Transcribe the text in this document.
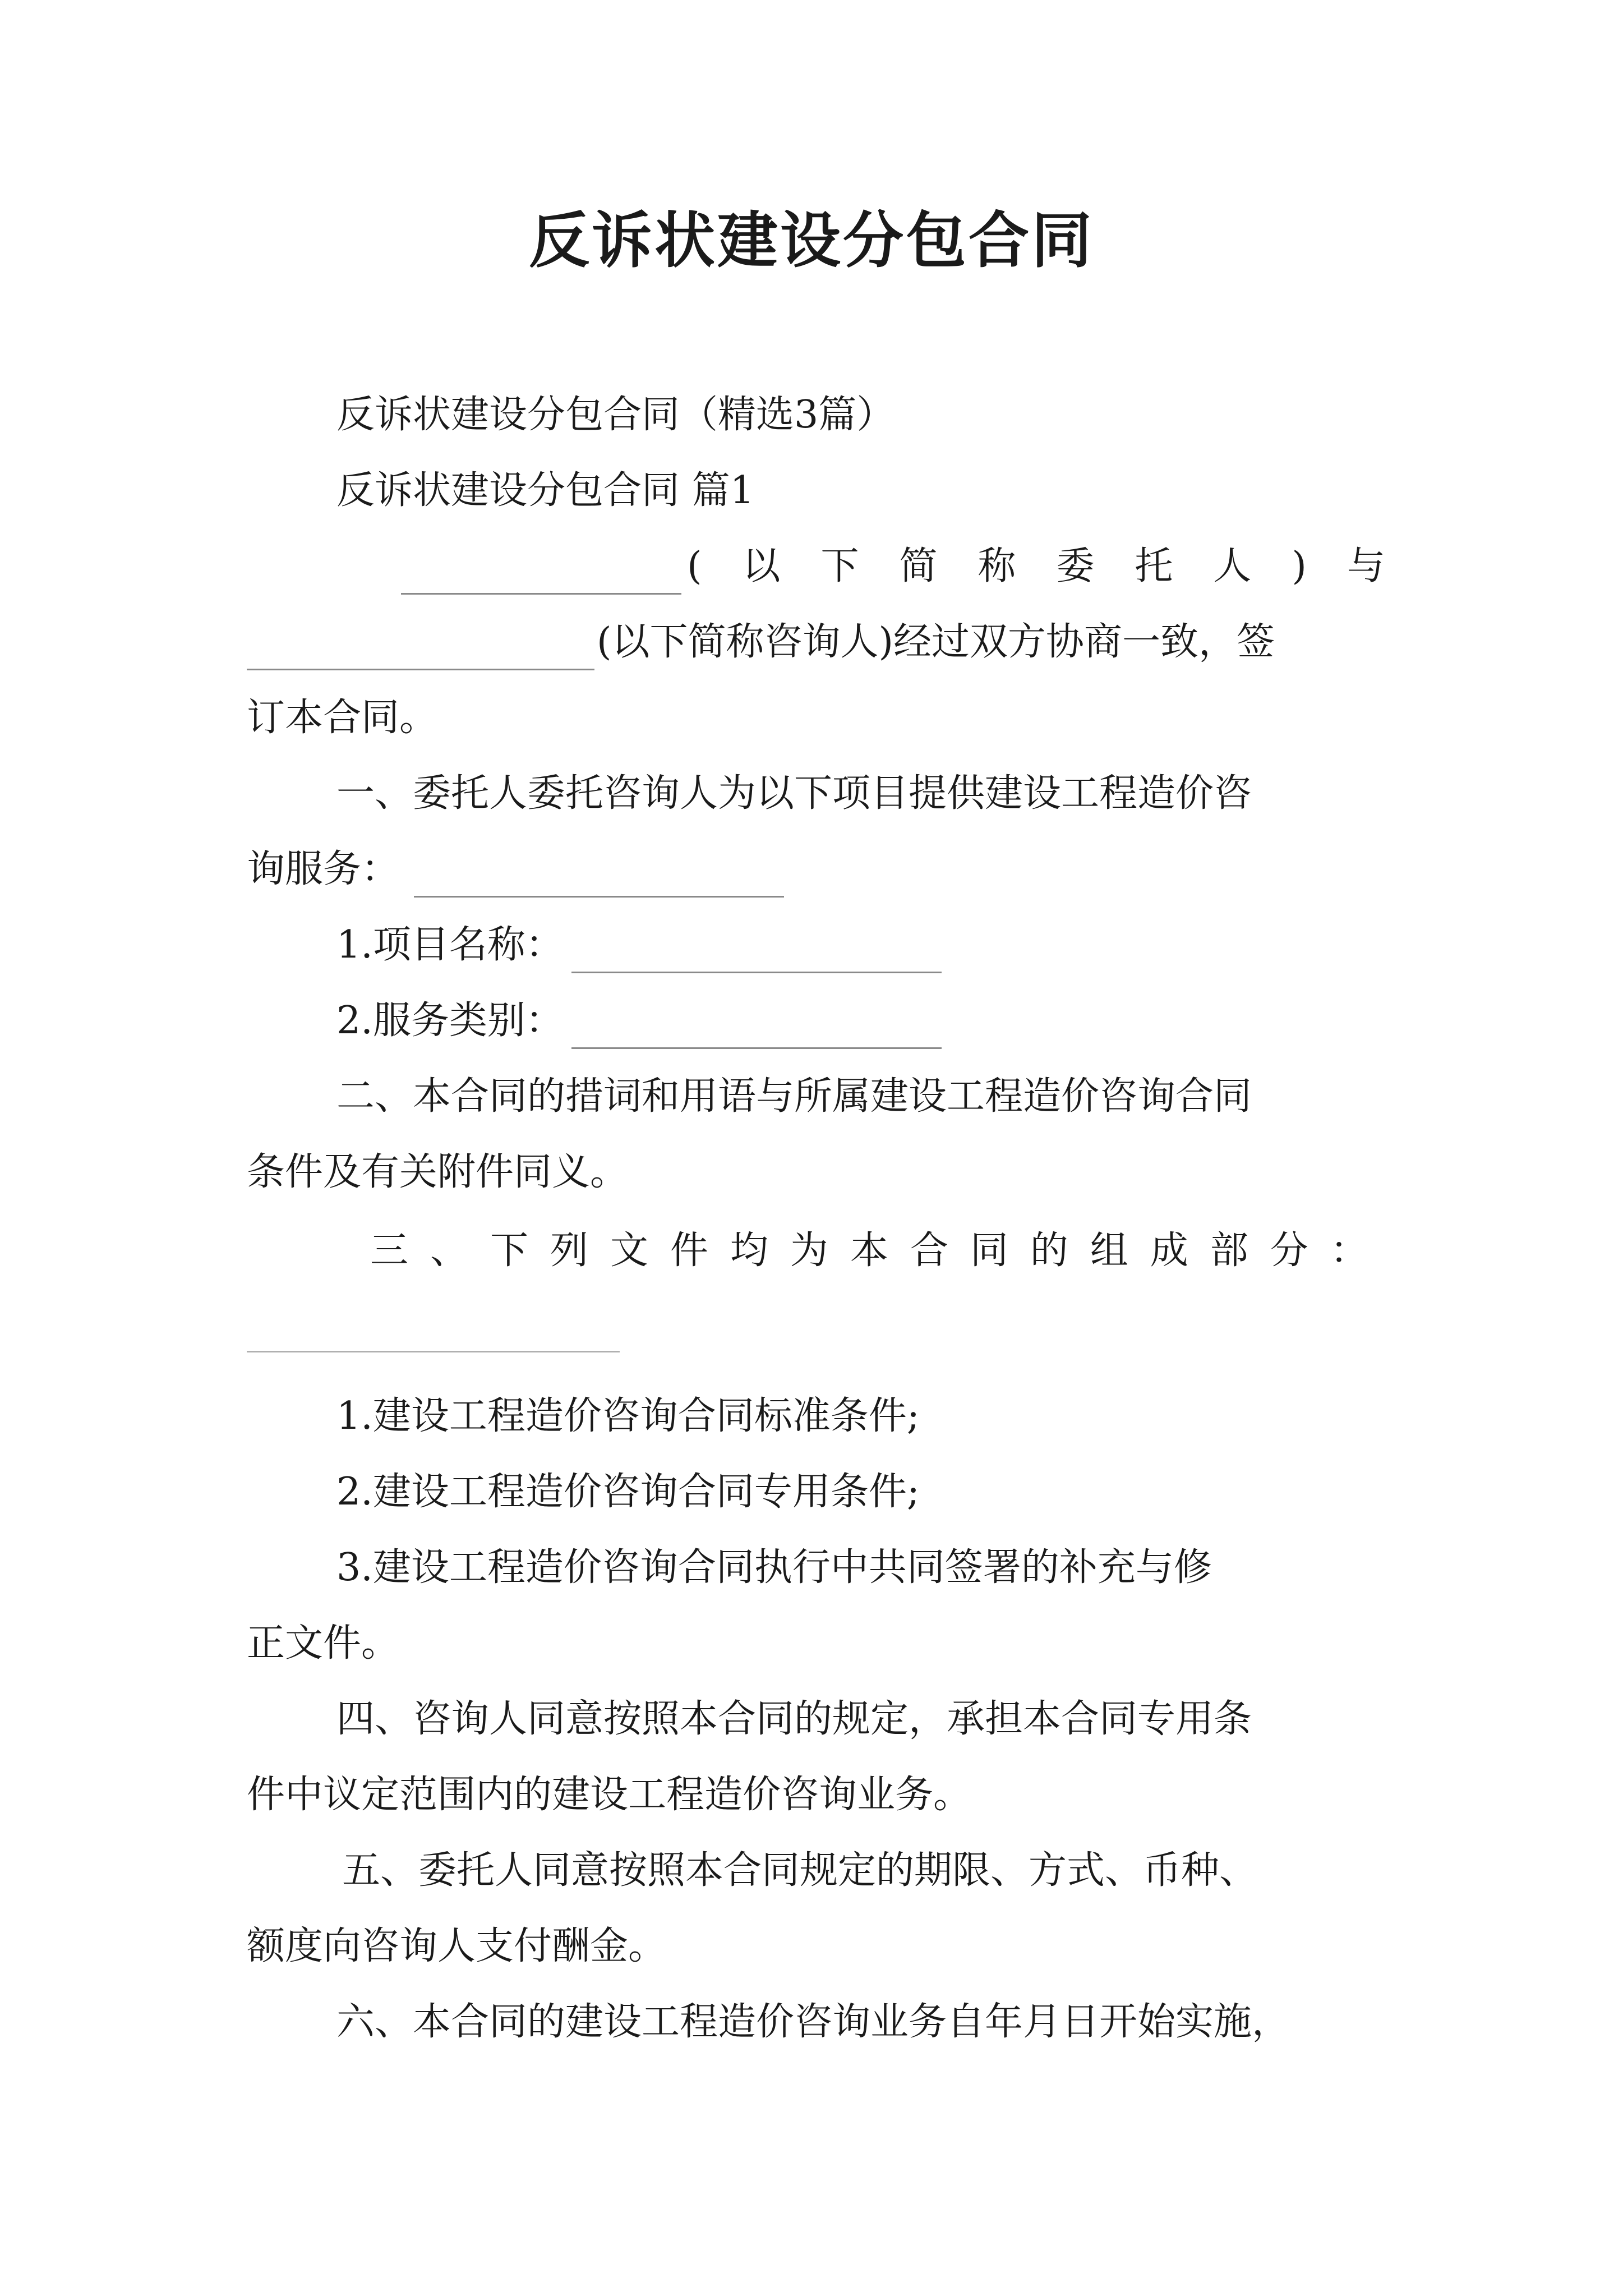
反诉状建设分包合同
反诉状建设分包合同（精选3篇）
反诉状建设分包合同 篇1
( 以 下 简 称 委 托 人 ) 与
(以下简称咨询人)经过双方协商一致，签
订本合同。
一、委托人委托咨询人为以下项目提供建设工程造价咨
询服务：
1.项目名称：
2.服务类别：
二、本合同的措词和用语与所属建设工程造价咨询合同
条件及有关附件同义。
三 、 下 列 文 件 均 为 本 合 同 的 组 成 部 分 ：
1.建设工程造价咨询合同标准条件;
2.建设工程造价咨询合同专用条件;
3.建设工程造价咨询合同执行中共同签署的补充与修
正文件。
四、咨询人同意按照本合同的规定，承担本合同专用条
件中议定范围内的建设工程造价咨询业务。
五、委托人同意按照本合同规定的期限、方式、币种、
额度向咨询人支付酬金。
六、本合同的建设工程造价咨询业务自年月日开始实施，
